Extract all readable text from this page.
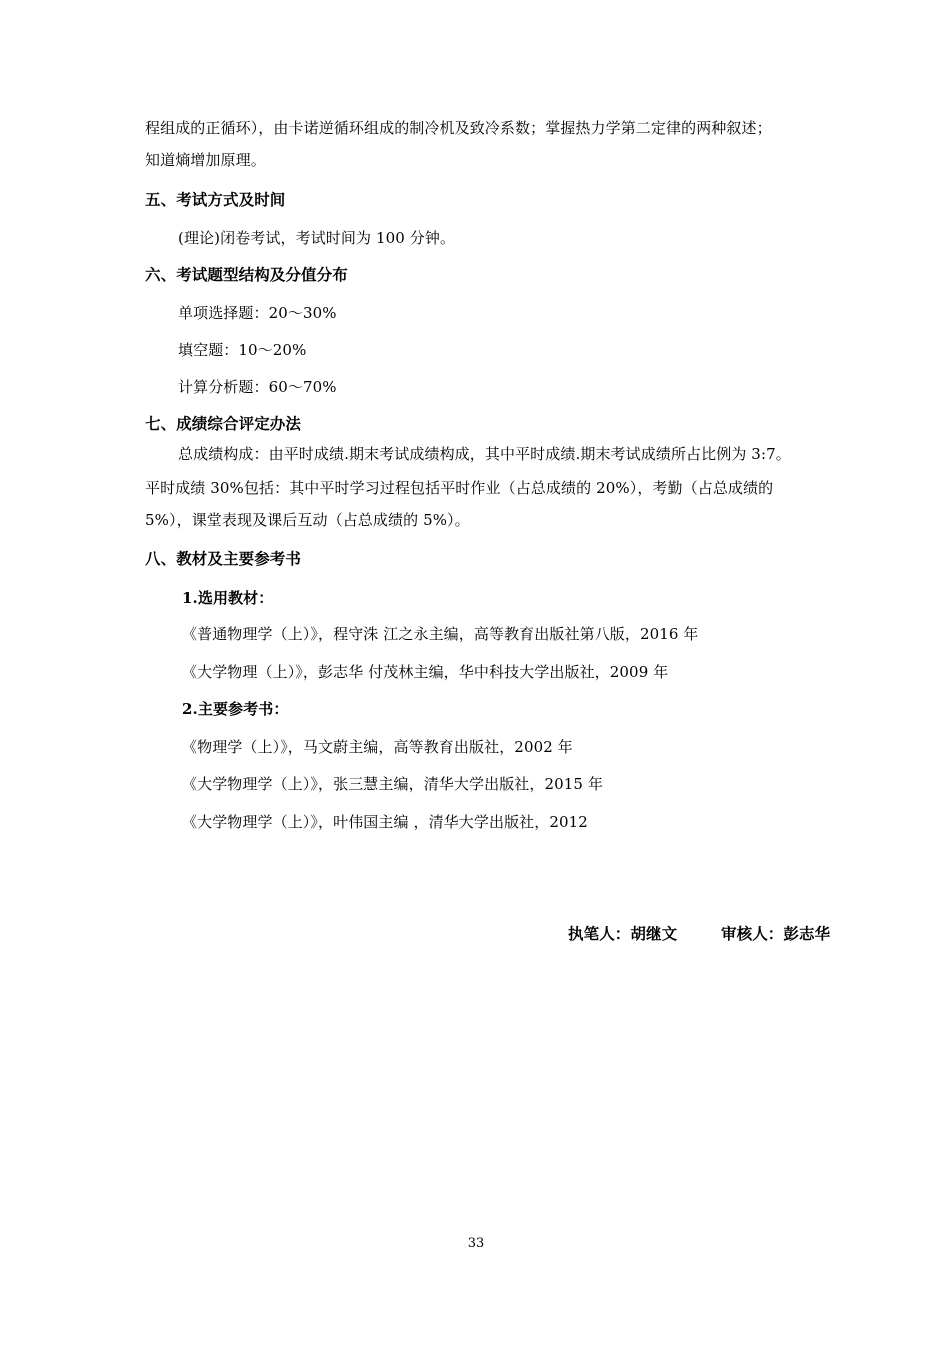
程组成的正循环），由卡诺逆循环组成的制冷机及致冷系数；掌握热力学第二定律的两种叙述；
知道熵增加原理。
五、考试方式及时间
(理论)闭卷考试，考试时间为 100 分钟。
六、考试题型结构及分值分布
单项选择题：20～30%
填空题：10～20%
计算分析题：60～70%
七、成绩综合评定办法
总成绩构成：由平时成绩.期末考试成绩构成，其中平时成绩.期末考试成绩所占比例为 3:7。
平时成绩 30%包括：其中平时学习过程包括平时作业（占总成绩的 20%），考勤（占总成绩的
5%），课堂表现及课后互动（占总成绩的 5%）。
八、教材及主要参考书
1.选用教材：
《普通物理学（上）》，程守洙 江之永主编，高等教育出版社第八版，2016 年
《大学物理（上）》，彭志华 付茂林主编，华中科技大学出版社，2009 年
2.主要参考书：
《物理学（上）》，马文蔚主编，高等教育出版社，2002 年
《大学物理学（上）》，张三慧主编，清华大学出版社，2015 年
《大学物理学（上）》，叶伟国主编 ，清华大学出版社，2012
执笔人：胡继文	审核人：彭志华
33
